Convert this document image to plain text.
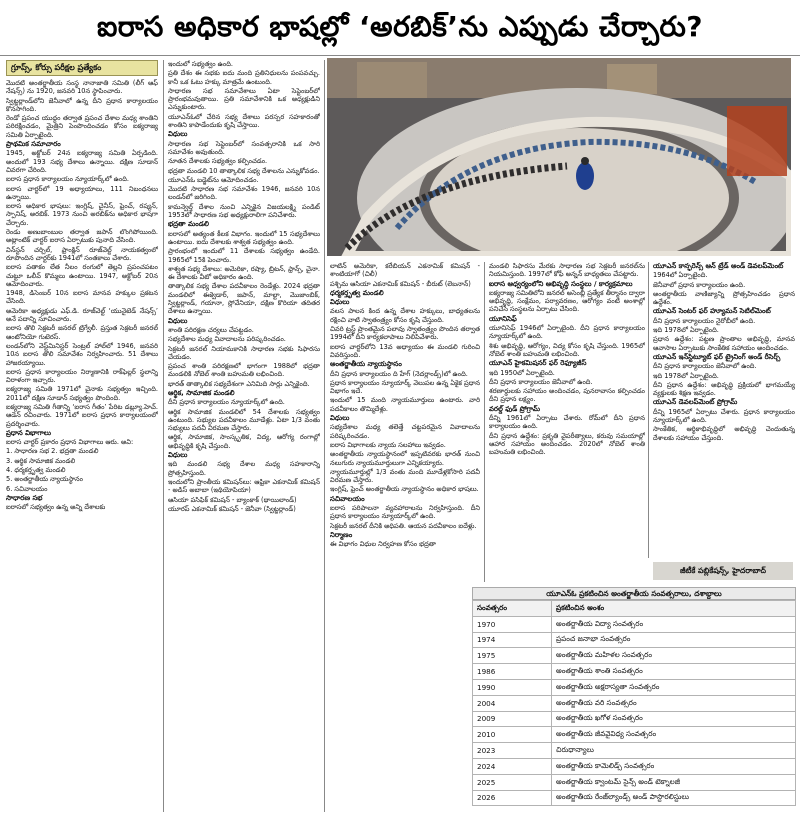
ఐరాస అధికార భాషల్లో ‘అరబిక్’ను ఎప్పుడు చేర్చారు?
గ్రూప్స్, కోర్సు పరీక్షల ప్రత్యేకం

మొదటి అంతర్జాతీయ సంస్థ నానాజాతి సమితి (లీగ్ ఆఫ్ నేషన్స్) ను 1920, జనవరి 10న స్థాపించారు.

స్విట్జర్లాండ్‌లోని జెనీవాలో ఉన్న దీని ప్రధాన కార్యాలయం కొనసాగింది.

రెండో ప్రపంచ యుద్ధం తర్వాత ప్రపంచ దేశాల మధ్య శాంతిని పరిరక్షించడం, మైత్రిని పెంపొందించడం కోసం ఐక్యరాజ్య సమితి ఏర్పాటైంది.

ప్రాథమిక సమాచారం

1945, అక్టోబర్ 24న ఐక్యరాజ్య సమితి ఏర్పడింది. అందులో 193 సభ్య దేశాలు ఉన్నాయి. దక్షిణ సూడాన్ చివరగా చేరింది.

ఐరాస ప్రధాన కార్యాలయం న్యూయార్క్‌లో ఉంది.

ఐరాస చార్టర్‌లో 19 అధ్యాయాలు, 111 నిబంధనలు ఉన్నాయి.

ఐరాస అధికార భాషలు: ఇంగ్లిష్, చైనీస్, ఫ్రెంచ్, రష్యన్, స్పానిష్, అరబిక్. 1973 నుంచి అరబిక్‌ను అధికార భాషగా చేర్చారు.

రెండు అణుబాంబుల తర్వాత జపాన్ లొంగిపోయింది. అట్లాంటిక్ చార్టర్ ఐరాస ఏర్పాటుకు పునాది వేసింది.

విన్‌స్టన్ చర్చిల్, ఫ్రాంక్లిన్ రూజ్‌వెల్ట్ నాయకత్వంలో రూపొందిన చార్టర్‌కు 1941లో సంతకాలు చేశారు.

ఐరాస పతాకం లేత నీలం రంగులో తెల్లని ప్రపంచపటం చుట్టూ ఒలీవ్ కొమ్మలు ఉంటాయి. 1947, అక్టోబర్ 20న ఆమోదించారు.

1948, డిసెంబర్ 10న ఐరాస మానవ హక్కుల ప్రకటన చేసింది.

అమెరికా అధ్యక్షుడు ఎఫ్.డి. రూజ్‌వెల్ట్ ‘యునైటెడ్ నేషన్స్’ అనే పదాన్ని సూచించారు.

ఐరాస తొలి సెక్రటరీ జనరల్ ట్రిగ్వేలీ. ప్రస్తుత సెక్రటరీ జనరల్ ఆంటోనియో గుటెరస్.

లండన్‌లోని వెస్ట్‌మినిస్టర్ సెంట్రల్ హాల్‌లో 1946, జనవరి 10న ఐరాస తొలి సమావేశం నిర్వహించారు. 51 దేశాలు హాజరయ్యాయి.

ఐరాస ప్రధాన కార్యాలయం నిర్మాణానికి రాక్‌ఫెల్లర్ స్థలాన్ని విరాళంగా ఇచ్చారు.

ఐక్యరాజ్య సమితి 1971లో చైనాకు సభ్యత్వం ఇచ్చింది. 2011లో దక్షిణ సూడాన్ సభ్యత్వం పొందింది.

ఐక్యరాజ్య సమితి గీతాన్ని ‘ఐరాస గీతం’ పేరిట డబ్ల్యూ.హెచ్. ఆడెన్ రచించారు. 1971లో ఐరాస ప్రధాన కార్యాలయంలో ప్రదర్శించారు.

ప్రధాన విభాగాలు

ఐరాస చార్టర్ ప్రకారం ప్రధాన విభాగాలు ఆరు. అవి:

1. సాధారణ సభ 2. భద్రతా మండలి

3. ఆర్థిక సామాజిక మండలి

4. ధర్మకర్తృత్వ మండలి

5. అంతర్జాతీయ న్యాయస్థానం

6. సచివాలయం

సాధారణ సభ

ఐరాసలో సభ్యత్వం ఉన్న అన్ని దేశాలకు

ఇందులో సభ్యత్వం ఉంది.

ప్రతి దేశం ఈ సభకు ఐదు మంది ప్రతినిధులను పంపవచ్చు. కానీ ఒక ఓటు హక్కు మాత్రమే ఉంటుంది.

సాధారణ సభ సమావేశాలు ఏటా సెప్టెంబర్‌లో ప్రారంభమవుతాయి. ప్రతి సమావేశానికి ఒక అధ్యక్షుడిని ఎన్నుకుంటారు.

యూఎన్‌ఓలో చేరిన సభ్య దేశాలు పరస్పర సహకారంతో శాంతిని కాపాడేందుకు కృషి చేస్తాయి.

విధులు

సాధారణ సభ సెప్టెంబర్‌లో సంవత్సరానికి ఒక సారి సమావేశం అవుతుంది.

నూతన దేశాలకు సభ్యత్వం కల్పించడం.

భద్రతా మండలి 10 తాత్కాలిక సభ్య దేశాలను ఎన్నుకోవడం.

యూఎన్‌ఓ బడ్జెట్‌ను ఆమోదించడం.

మొదటి సాధారణ సభ సమావేశం 1946, జనవరి 10న లండన్‌లో జరిగింది.

కామన్వెల్త్ దేశాల నుంచి ఎన్నికైన విజయలక్ష్మి పండిట్ 1953లో సాధారణ సభ అధ్యక్షురాలిగా పనిచేశారు.

భద్రతా మండలి

ఐరాసలో అత్యంత కీలక విభాగం. ఇందులో 15 సభ్యదేశాలు ఉంటాయి. ఐదు దేశాలకు శాశ్వత సభ్యత్వం ఉంది.

ప్రారంభంలో ఇందులో 11 దేశాలకు సభ్యత్వం ఉండేది. 1965లో 15కి పెంచారు.

శాశ్వత సభ్య దేశాలు: అమెరికా, రష్యా, బ్రిటన్, ఫ్రాన్స్, చైనా. ఈ దేశాలకు వీటో అధికారం ఉంది.

తాత్కాలిక సభ్య దేశాల పదవీకాలం రెండేళ్లు. 2024 భద్రతా మండలిలో ఈక్వెడార్, జపాన్, మాల్టా, మొజాంబిక్, స్విట్జర్లాండ్, గయానా, స్లోవేనియా, దక్షిణ కొరియా తదితర దేశాలు ఉన్నాయి.

విధులు

శాంతి పరిరక్షణ చర్యలు చేపట్టడం.

సభ్యదేశాల మధ్య వివాదాలను పరిష్కరించడం.

సెక్రటరీ జనరల్ నియామకానికి సాధారణ సభకు సిఫారసు చేయడం.

ప్రపంచ శాంతి పరిరక్షణలో భాగంగా 1988లో భద్రతా మండలికి నోబెల్ శాంతి బహుమతి లభించింది.

భారత్ తాత్కాలిక సభ్యదేశంగా ఎనిమిది సార్లు ఎన్నికైంది.

ఆర్థిక, సామాజిక మండలి

దీని ప్రధాన కార్యాలయం న్యూయార్క్‌లో ఉంది.

ఆర్థిక సామాజిక మండలిలో 54 దేశాలకు సభ్యత్వం ఉంటుంది. సభ్యుల పదవీకాలం మూడేళ్లు. ఏటా 1/3 వంతు సభ్యులు పదవీ విరమణ చేస్తారు.

ఆర్థిక, సామాజిక, సాంస్కృతిక, విద్య, ఆరోగ్య రంగాల్లో అభివృద్ధికి కృషి చేస్తుంది.

విధులు

ఇది మండలి సభ్య దేశాల మధ్య సహకారాన్ని ప్రోత్సహిస్తుంది.

ఇందులోని ప్రాంతీయ కమిషన్‌లు: ఆఫ్రికా ఎకనామిక్ కమిషన్ - అడిస్ అబాబా (ఇథియోపియా)

ఆసియా పసిఫిక్ కమిషన్ - బ్యాంకాక్ (థాయిలాండ్)

యూరప్ ఎకనామిక్ కమిషన్ - జెనీవా (స్విట్జర్లాండ్)

లాటిన్ అమెరికా, కరేబియన్ ఎకనామిక్ కమిషన్ - శాంటియాగో (చిలీ)

పశ్చిమ ఆసియా ఎకనామిక్ కమిషన్ - బీరుట్ (లెబనాన్)

ధర్మకర్తృత్వ మండలి

విధులు

వలస పాలన కింద ఉన్న దేశాల హక్కులు, బాధ్యతలను రక్షించి వాటి స్వాతంత్ర్యం కోసం కృషి చేస్తుంది.

చివరి ట్రస్ట్ ప్రాంతమైన పలావు స్వాతంత్ర్యం పొందిన తర్వాత 1994లో దీని కార్యకలాపాలు నిలిపివేశారు.

ఐరాస చార్టర్‌లోని 13వ అధ్యాయం ఈ మండలి గురించి వివరిస్తుంది.

అంతర్జాతీయ న్యాయస్థానం

దీని ప్రధాన కార్యాలయం ది హేగ్ (నెదర్లాండ్స్)లో ఉంది.

ప్రధాన కార్యాలయం న్యూయార్క్ వెలుపల ఉన్న ఏకైక ప్రధాన విభాగం ఇదే.

ఇందులో 15 మంది న్యాయమూర్తులు ఉంటారు. వారి పదవీకాలం తొమ్మిదేళ్లు.

విధులు

సభ్యదేశాల మధ్య తలెత్తే చట్టపరమైన వివాదాలను పరిష్కరించడం.

ఐరాస విభాగాలకు న్యాయ సలహాలు ఇవ్వడం.

అంతర్జాతీయ న్యాయస్థానంలో ఇప్పటివరకు భారత్ నుంచి నలుగురు న్యాయమూర్తులుగా ఎన్నికయ్యారు.

న్యాయమూర్తుల్లో 1/3 వంతు మంది మూడేళ్లకోసారి పదవీ విరమణ చేస్తారు.

ఇంగ్లిష్, ఫ్రెంచ్ అంతర్జాతీయ న్యాయస్థానం అధికార భాషలు.

సచివాలయం

ఐరాస పరిపాలనా వ్యవహారాలను నిర్వహిస్తుంది. దీని ప్రధాన కార్యాలయం న్యూయార్క్‌లో ఉంది.

సెక్రటరీ జనరల్ దీనికి అధిపతి. ఆయన పదవీకాలం ఐదేళ్లు.

నిర్మాణం

ఈ విభాగం విధుల నిర్వహణ కోసం భద్రతా

మండలి సిఫారసు మేరకు సాధారణ సభ సెక్రటరీ జనరల్‌ను నియమిస్తుంది. 1997లో కోఫీ అన్నన్ బాధ్యతలు చేపట్టారు.

ఐరాస ఆధ్వర్యంలోని అభివృద్ధి సంస్థలు / కార్యక్రమాలు

ఐక్యరాజ్య సమితిలోని జనరల్ అసెంబ్లీ ప్రత్యేక తీర్మానం ద్వారా అభివృద్ధి, సంక్షేమం, పర్యావరణం, ఆరోగ్యం వంటి అంశాల్లో పనిచేసే సంస్థలను ఏర్పాటు చేసింది.

యూనిసెఫ్

యూనిసెఫ్ 1946లో ఏర్పాటైంది. దీని ప్రధాన కార్యాలయం న్యూయార్క్‌లో ఉంది.

శిశు అభివృద్ధి, ఆరోగ్యం, విద్య కోసం కృషి చేస్తుంది. 1965లో నోబెల్ శాంతి బహుమతి లభించింది.

యూఎన్ హైకమిషనర్ ఫర్ రెఫ్యూజీస్

ఇది 1950లో ఏర్పాటైంది.

దీని ప్రధాన కార్యాలయం జెనీవాలో ఉంది.

శరణార్థులకు సహాయం అందించడం, పునరావాసం కల్పించడం దీని ప్రధాన లక్ష్యం.

వరల్డ్ ఫుడ్ ప్రోగ్రామ్

దీన్ని 1961లో ఏర్పాటు చేశారు. రోమ్‌లో దీని ప్రధాన కార్యాలయం ఉంది.

దీని ప్రధాన ఉద్దేశం: ప్రకృతి వైపరీత్యాలు, కరువు సమయాల్లో ఆహార సహాయం అందించడం. 2020లో నోబెల్ శాంతి బహుమతి లభించింది.

యూఎన్ కాన్ఫరెన్స్ ఆన్ ట్రేడ్ అండ్ డెవలప్‌మెంట్

1964లో ఏర్పాటైంది.

జెనీవాలో ప్రధాన కార్యాలయం ఉంది.

అంతర్జాతీయ వాణిజ్యాన్ని ప్రోత్సహించడం ప్రధాన ఉద్దేశం.

యూఎన్ సెంటర్ ఫర్ హ్యూమన్ సెటిల్‌మెంట్

దీని ప్రధాన కార్యాలయం నైరోబీలో ఉంది.

ఇది 1978లో ఏర్పాటైంది.

ప్రధాన ఉద్దేశం: పట్టణ ప్రాంతాల అభివృద్ధి, మానవ ఆవాసాల ఏర్పాటుకు సాంకేతిక సహాయం అందించడం.

యూఎన్ ఇన్‌స్టిట్యూట్ ఫర్ ట్రైనింగ్ అండ్ రీసెర్చ్

దీని ప్రధాన కార్యాలయం జెనీవాలో ఉంది.

ఇది 1978లో ఏర్పాటైంది.

దీని ప్రధాన ఉద్దేశం: అభివృద్ధి ప్రక్రియలో భాగమయ్యే వ్యక్తులకు శిక్షణ ఇవ్వడం.

యూఎన్ డెవలప్‌మెంట్ ప్రోగ్రామ్

దీన్ని 1965లో ఏర్పాటు చేశారు. ప్రధాన కార్యాలయం న్యూయార్క్‌లో ఉంది.

సాంకేతిక, ఆర్థికాభివృద్ధిలో అభివృద్ధి చెందుతున్న దేశాలకు సహాయం చేస్తుంది.

జీటీకే పబ్లికేషన్స్, హైదరాబాద్
యూఎన్‌ఓ ప్రకటించిన అంతర్జాతీయ సంవత్సరాలు, దశాబ్దాలు
సంవత్సరం	ప్రకటించిన అంశం
1970	అంతర్జాతీయ విద్యా సంవత్సరం
1974	ప్రపంచ జనాభా సంవత్సరం
1975	అంతర్జాతీయ మహిళల సంవత్సరం
1986	అంతర్జాతీయ శాంతి సంవత్సరం
1990	అంతర్జాతీయ అక్షరాస్యతా సంవత్సరం
2004	అంతర్జాతీయ వరి సంవత్సరం
2009	అంతర్జాతీయ ఖగోళ సంవత్సరం
2010	అంతర్జాతీయ జీవవైవిధ్య సంవత్సరం
2023	చిరుధాన్యాలు
2024	అంతర్జాతీయ కామెలిడ్స్ సంవత్సరం
2025	అంతర్జాతీయ క్వాంటమ్ సైన్స్ అండ్ టెక్నాలజీ
2026	అంతర్జాతీయ రేంజ్‌ల్యాండ్స్ అండ్ పాస్టొరలిస్టులు
